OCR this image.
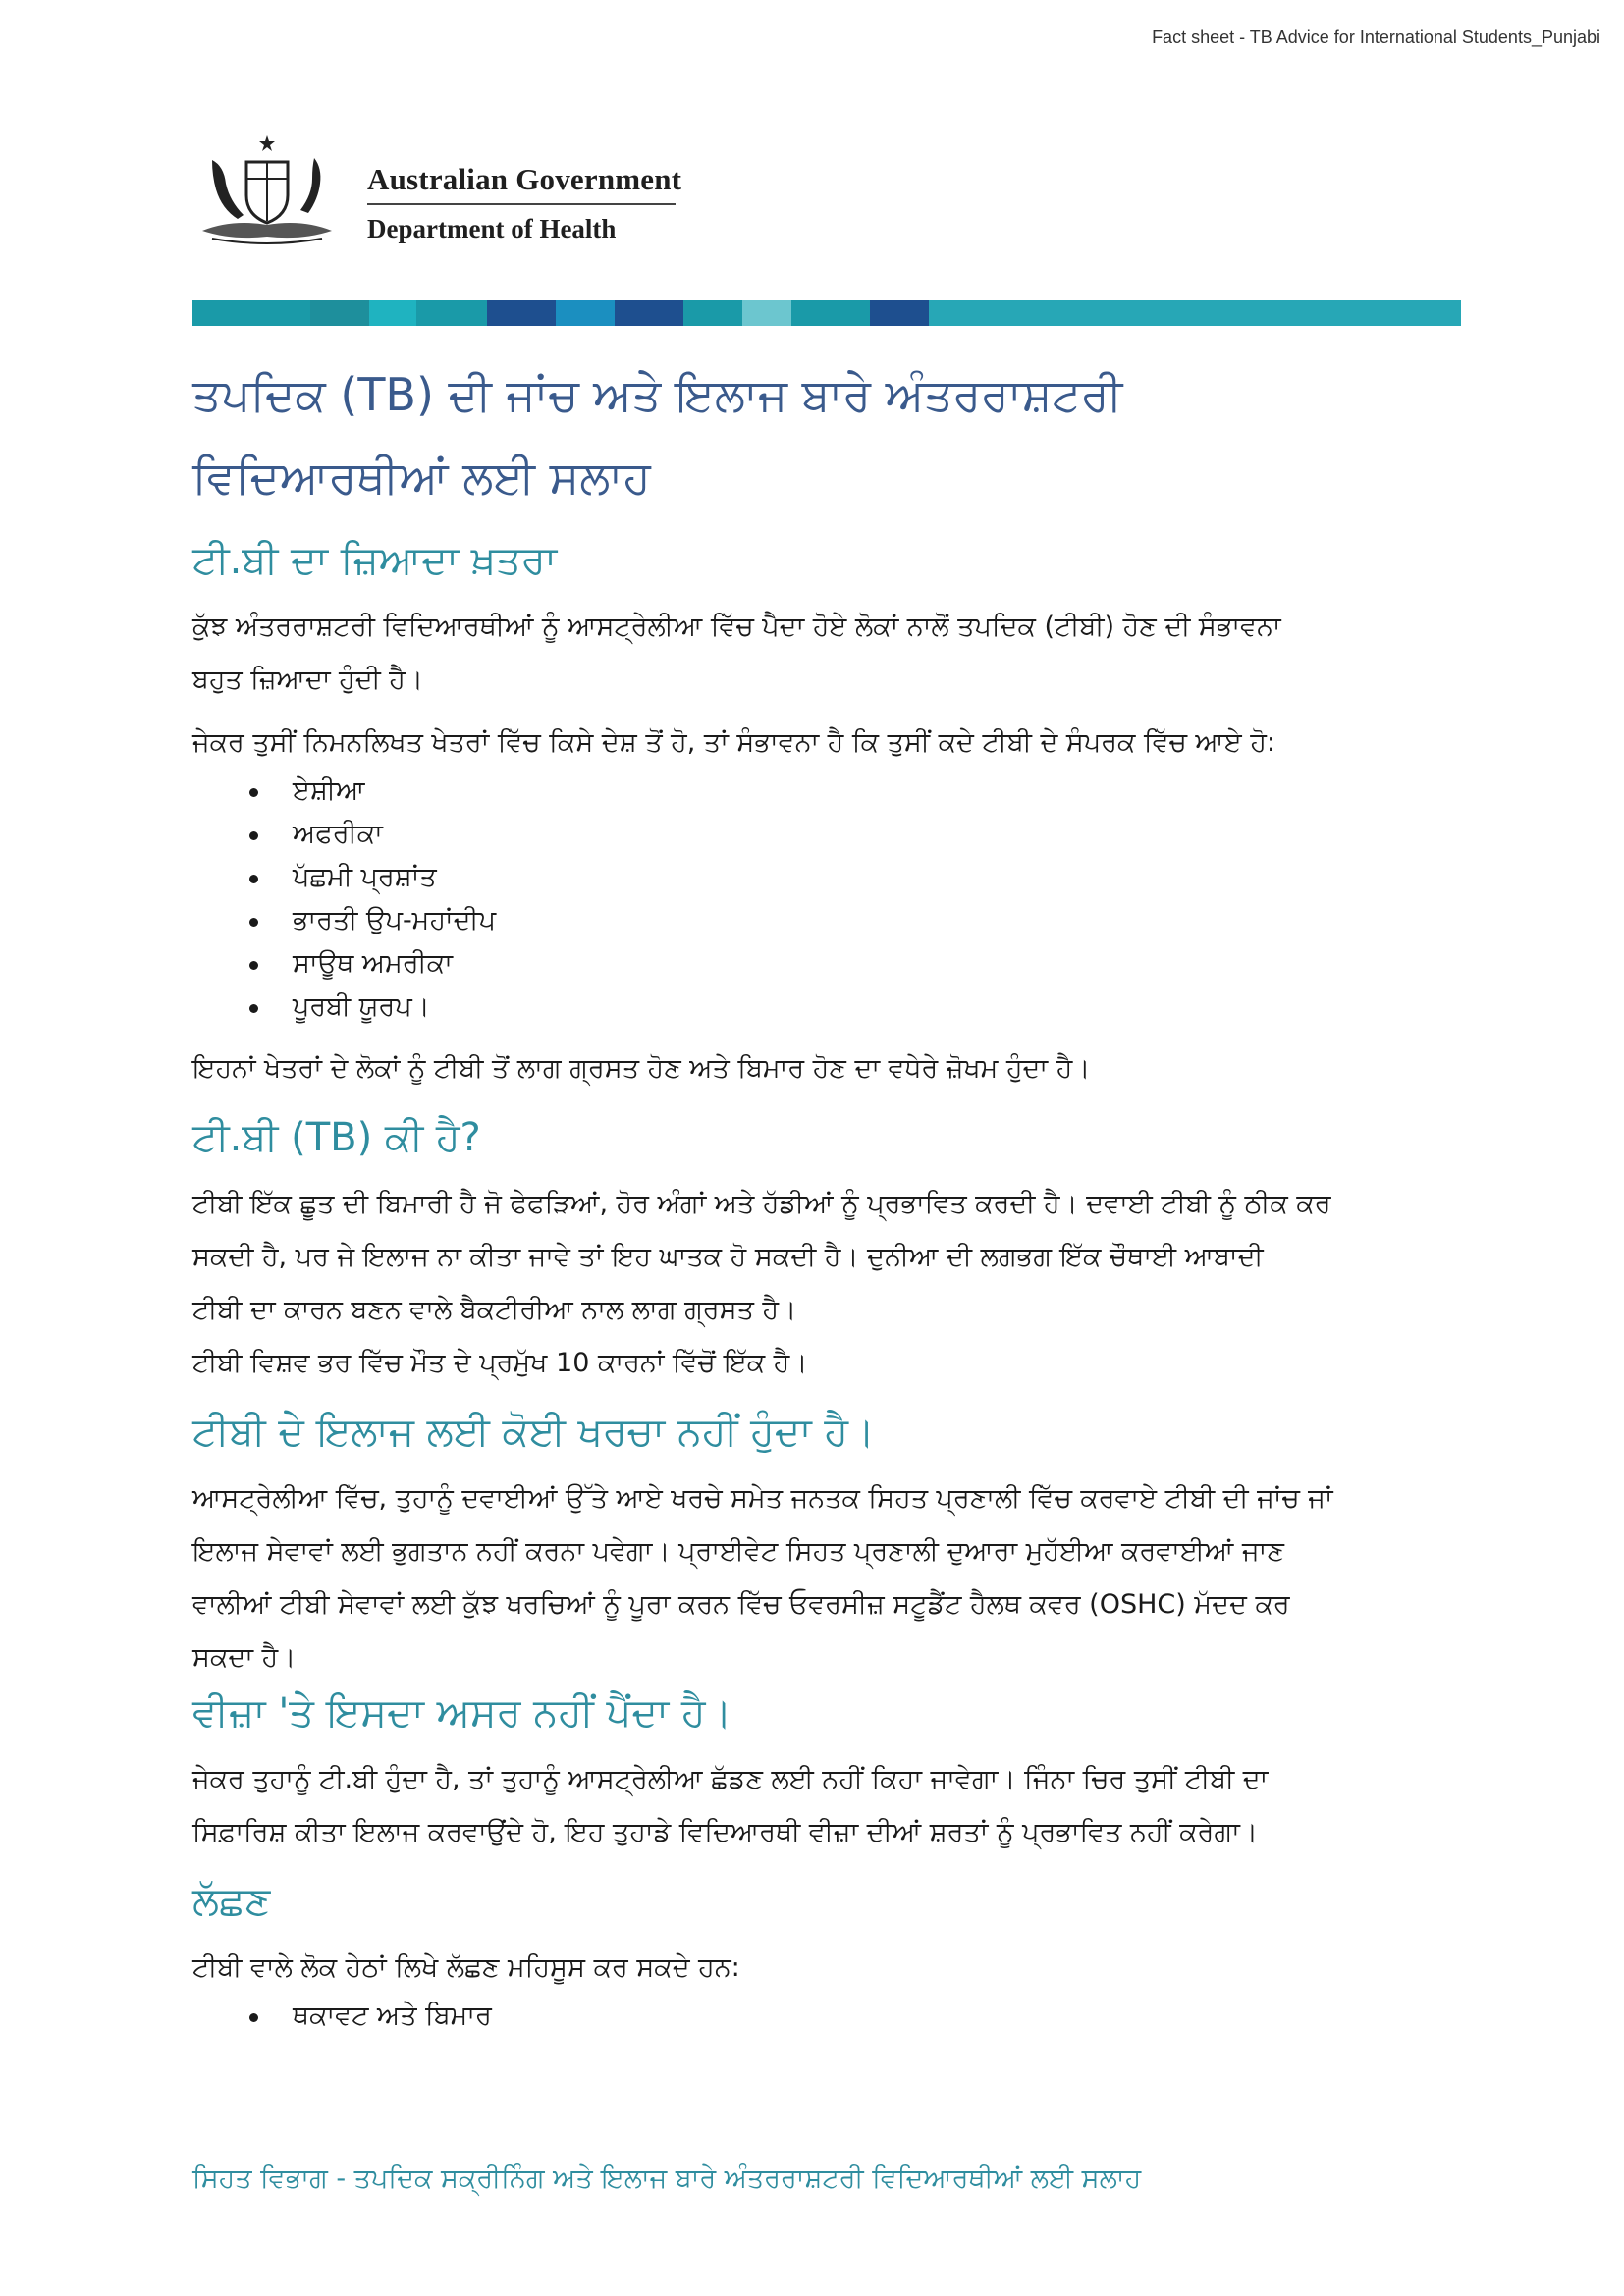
Fact sheet - TB Advice for International Students_Punjabi
Australian Government
Department of Health
ਤਪਦਿਕ (TB) ਦੀ ਜਾਂਚ ਅਤੇ ਇਲਾਜ ਬਾਰੇ ਅੰਤਰਰਾਸ਼ਟਰੀ
ਵਿਦਿਆਰਥੀਆਂ ਲਈ ਸਲਾਹ
ਟੀ.ਬੀ ਦਾ ਜ਼ਿਆਦਾ ਖ਼ਤਰਾ

ਕੁੱਝ ਅੰਤਰਰਾਸ਼ਟਰੀ ਵਿਦਿਆਰਥੀਆਂ ਨੂੰ ਆਸਟ੍ਰੇਲੀਆ ਵਿੱਚ ਪੈਦਾ ਹੋਏ ਲੋਕਾਂ ਨਾਲੋਂ ਤਪਦਿਕ (ਟੀਬੀ) ਹੋਣ ਦੀ ਸੰਭਾਵਨਾ
ਬਹੁਤ ਜ਼ਿਆਦਾ ਹੁੰਦੀ ਹੈ।

ਜੇਕਰ ਤੁਸੀਂ ਨਿਮਨਲਿਖਤ ਖੇਤਰਾਂ ਵਿੱਚ ਕਿਸੇ ਦੇਸ਼ ਤੋਂ ਹੋ, ਤਾਂ ਸੰਭਾਵਨਾ ਹੈ ਕਿ ਤੁਸੀਂ ਕਦੇ ਟੀਬੀ ਦੇ ਸੰਪਰਕ ਵਿੱਚ ਆਏ ਹੋ:

ਏਸ਼ੀਆ
ਅਫਰੀਕਾ
ਪੱਛਮੀ ਪ੍ਰਸ਼ਾਂਤ
ਭਾਰਤੀ ਉਪ-ਮਹਾਂਦੀਪ
ਸਾਊਥ ਅਮਰੀਕਾ
ਪੂਰਬੀ ਯੂਰਪ।

ਇਹਨਾਂ ਖੇਤਰਾਂ ਦੇ ਲੋਕਾਂ ਨੂੰ ਟੀਬੀ ਤੋਂ ਲਾਗ ਗ੍ਰਸਤ ਹੋਣ ਅਤੇ ਬਿਮਾਰ ਹੋਣ ਦਾ ਵਧੇਰੇ ਜ਼ੋਖਮ ਹੁੰਦਾ ਹੈ।

ਟੀ.ਬੀ (TB) ਕੀ ਹੈ?

ਟੀਬੀ ਇੱਕ ਛੂਤ ਦੀ ਬਿਮਾਰੀ ਹੈ ਜੋ ਫੇਫੜਿਆਂ, ਹੋਰ ਅੰਗਾਂ ਅਤੇ ਹੱਡੀਆਂ ਨੂੰ ਪ੍ਰਭਾਵਿਤ ਕਰਦੀ ਹੈ। ਦਵਾਈ ਟੀਬੀ ਨੂੰ ਠੀਕ ਕਰ
ਸਕਦੀ ਹੈ, ਪਰ ਜੇ ਇਲਾਜ ਨਾ ਕੀਤਾ ਜਾਵੇ ਤਾਂ ਇਹ ਘਾਤਕ ਹੋ ਸਕਦੀ ਹੈ। ਦੁਨੀਆ ਦੀ ਲਗਭਗ ਇੱਕ ਚੌਥਾਈ ਆਬਾਦੀ
ਟੀਬੀ ਦਾ ਕਾਰਨ ਬਣਨ ਵਾਲੇ ਬੈਕਟੀਰੀਆ ਨਾਲ ਲਾਗ ਗ੍ਰਸਤ ਹੈ।
ਟੀਬੀ ਵਿਸ਼ਵ ਭਰ ਵਿੱਚ ਮੌਤ ਦੇ ਪ੍ਰਮੁੱਖ 10 ਕਾਰਨਾਂ ਵਿੱਚੋਂ ਇੱਕ ਹੈ।

ਟੀਬੀ ਦੇ ਇਲਾਜ ਲਈ ਕੋਈ ਖਰਚਾ ਨਹੀਂ ਹੁੰਦਾ ਹੈ।

ਆਸਟ੍ਰੇਲੀਆ ਵਿੱਚ, ਤੁਹਾਨੂੰ ਦਵਾਈਆਂ ਉੱਤੇ ਆਏ ਖਰਚੇ ਸਮੇਤ ਜਨਤਕ ਸਿਹਤ ਪ੍ਰਣਾਲੀ ਵਿੱਚ ਕਰਵਾਏ ਟੀਬੀ ਦੀ ਜਾਂਚ ਜਾਂ
ਇਲਾਜ ਸੇਵਾਵਾਂ ਲਈ ਭੁਗਤਾਨ ਨਹੀਂ ਕਰਨਾ ਪਵੇਗਾ। ਪ੍ਰਾਈਵੇਟ ਸਿਹਤ ਪ੍ਰਣਾਲੀ ਦੁਆਰਾ ਮੁਹੱਈਆ ਕਰਵਾਈਆਂ ਜਾਣ
ਵਾਲੀਆਂ ਟੀਬੀ ਸੇਵਾਵਾਂ ਲਈ ਕੁੱਝ ਖਰਚਿਆਂ ਨੂੰ ਪੂਰਾ ਕਰਨ ਵਿੱਚ ਓਵਰਸੀਜ਼ ਸਟੂਡੈਂਟ ਹੈਲਥ ਕਵਰ (OSHC) ਮੱਦਦ ਕਰ
ਸਕਦਾ ਹੈ।

ਵੀਜ਼ਾ 'ਤੇ ਇਸਦਾ ਅਸਰ ਨਹੀਂ ਪੈਂਦਾ ਹੈ।

ਜੇਕਰ ਤੁਹਾਨੂੰ ਟੀ.ਬੀ ਹੁੰਦਾ ਹੈ, ਤਾਂ ਤੁਹਾਨੂੰ ਆਸਟ੍ਰੇਲੀਆ ਛੱਡਣ ਲਈ ਨਹੀਂ ਕਿਹਾ ਜਾਵੇਗਾ। ਜਿੰਨਾ ਚਿਰ ਤੁਸੀਂ ਟੀਬੀ ਦਾ
ਸਿਫ਼ਾਰਿਸ਼ ਕੀਤਾ ਇਲਾਜ ਕਰਵਾਉਂਦੇ ਹੋ, ਇਹ ਤੁਹਾਡੇ ਵਿਦਿਆਰਥੀ ਵੀਜ਼ਾ ਦੀਆਂ ਸ਼ਰਤਾਂ ਨੂੰ ਪ੍ਰਭਾਵਿਤ ਨਹੀਂ ਕਰੇਗਾ।

ਲੱਛਣ

ਟੀਬੀ ਵਾਲੇ ਲੋਕ ਹੇਠਾਂ ਲਿਖੇ ਲੱਛਣ ਮਹਿਸੂਸ ਕਰ ਸਕਦੇ ਹਨ:

ਥਕਾਵਟ ਅਤੇ ਬਿਮਾਰ
ਸਿਹਤ ਵਿਭਾਗ - ਤਪਦਿਕ ਸਕ੍ਰੀਨਿੰਗ ਅਤੇ ਇਲਾਜ ਬਾਰੇ ਅੰਤਰਰਾਸ਼ਟਰੀ ਵਿਦਿਆਰਥੀਆਂ ਲਈ ਸਲਾਹ
